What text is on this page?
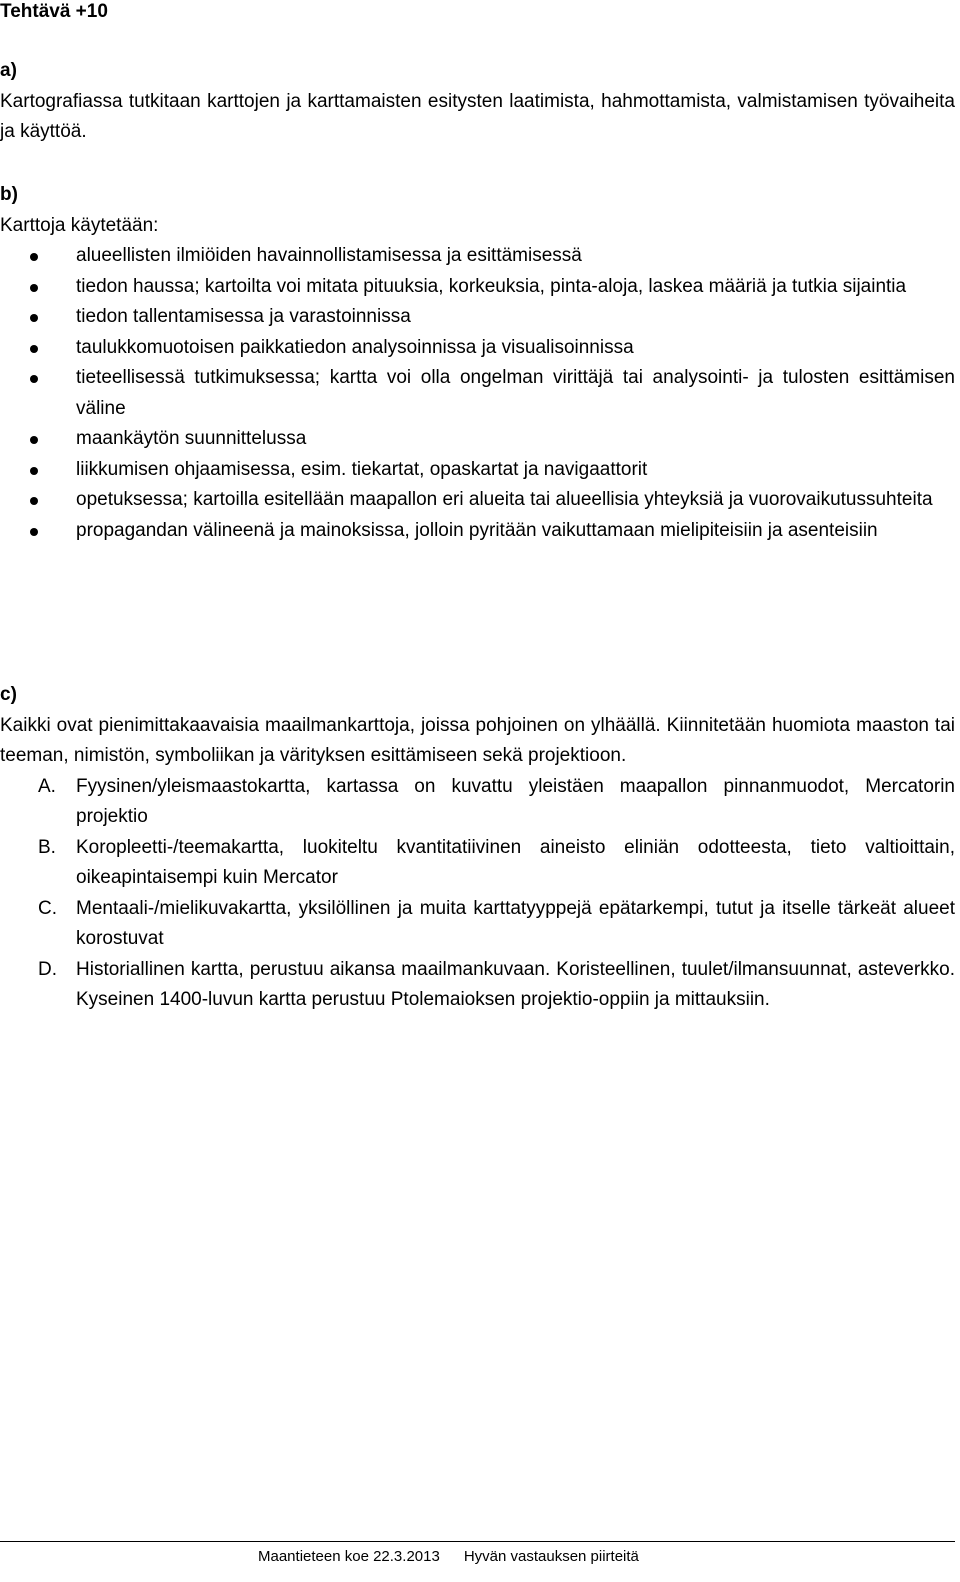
Tehtävä +10
a)
Kartografiassa tutkitaan karttojen ja karttamaisten esitysten laatimista, hahmottamista, valmistamisen työvaiheita ja käyttöä.
b)
Karttoja käytetään:
alueellisten ilmiöiden havainnollistamisessa ja esittämisessä
tiedon haussa; kartoilta voi mitata pituuksia, korkeuksia, pinta-aloja, laskea määriä ja tutkia sijaintia
tiedon tallentamisessa ja varastoinnissa
taulukkomuotoisen paikkatiedon analysoinnissa ja visualisoinnissa
tieteellisessä tutkimuksessa; kartta voi olla ongelman virittäjä tai analysointi- ja tulosten esittämisen väline
maankäytön suunnittelussa
liikkumisen ohjaamisessa, esim. tiekartat, opaskartat ja navigaattorit
opetuksessa; kartoilla esitellään maapallon eri alueita tai alueellisia yhteyksiä ja vuorovaikutussuhteita
propagandan välineenä ja mainoksissa, jolloin pyritään vaikuttamaan mielipiteisiin ja asenteisiin
c)
Kaikki ovat pienimittakaavaisia maailmankarttoja, joissa pohjoinen on ylhäällä. Kiinnitetään huomiota maaston tai teeman, nimistön, symboliikan ja värityksen esittämiseen sekä projektioon.
A. Fyysinen/yleismaastokartta, kartassa on kuvattu yleistäen maapallon pinnanmuodot, Mercatorin projektio
B. Koropleetti-/teemakartta, luokiteltu kvantitatiivinen aineisto eliniän odotteesta, tieto valtioittain, oikeapintaisempi kuin Mercator
C. Mentaali-/mielikuvakartta, yksilöllinen ja muita karttatyyppejä epätarkempi, tutut ja itselle tärkeät alueet korostuvat
D. Historiallinen kartta, perustuu aikansa maailmankuvaan. Koristeellinen, tuulet/ilmansuunnat, asteverkko. Kyseinen 1400-luvun kartta perustuu Ptolemaioksen projektio-oppiin ja mittauksiin.
Maantieteen koe 22.3.2013 Hyvän vastauksen piirteitä
